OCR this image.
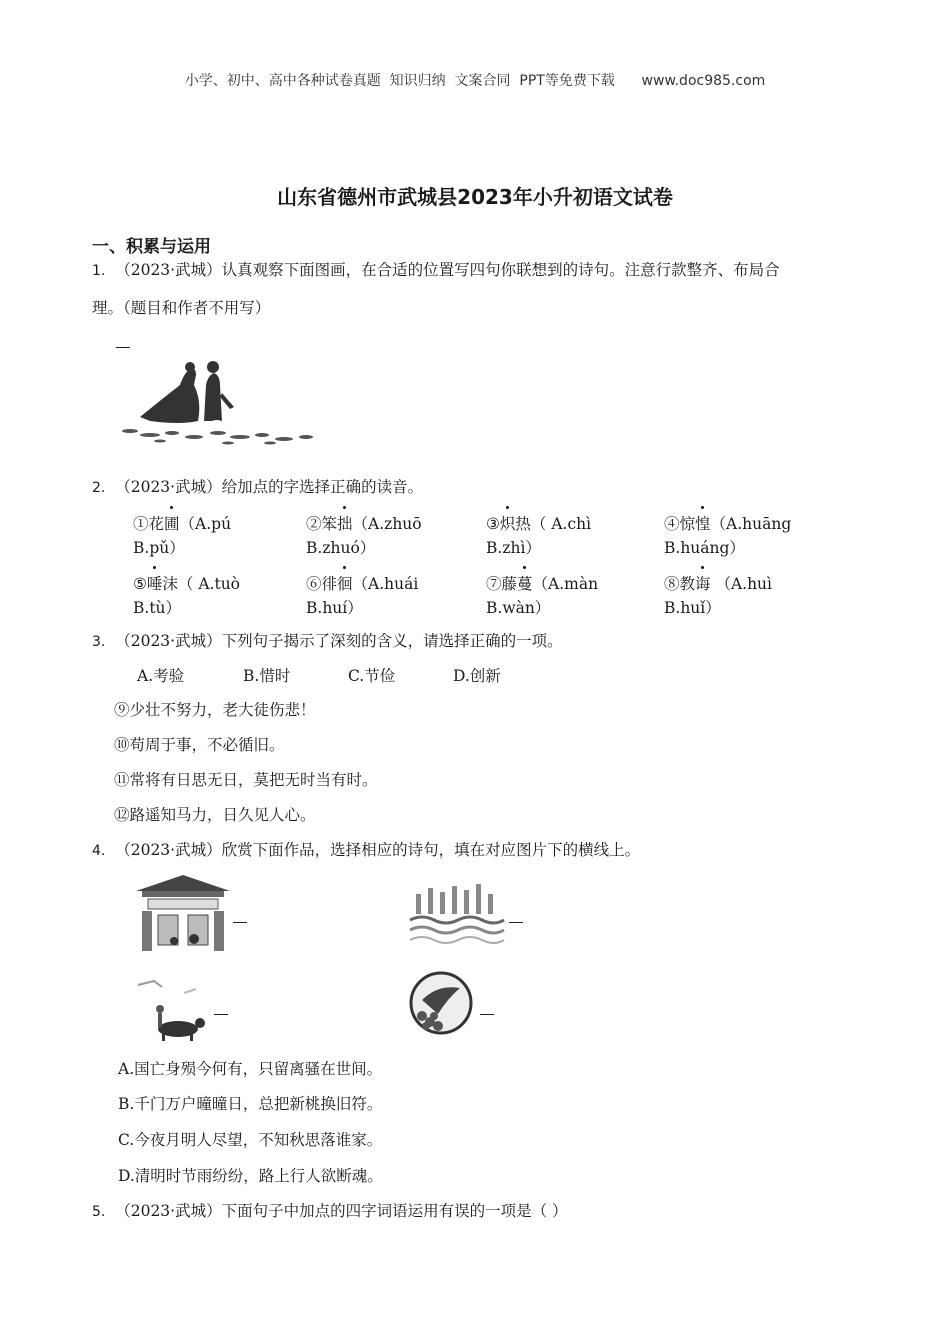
小学、初中、高中各种试卷真题  知识归纳  文案合同  PPT等免费下载      www.doc985.com
山东省德州市武城县2023年小升初语文试卷
一、积累与运用
1. （2023·武城）认真观察下面图画，在合适的位置写四句你联想到的诗句。注意行款整齐、布局合
理。（题目和作者不用写）
2. （2023·武城）给加点的字选择正确的读音。
①花圃（A.pú
B.pǔ）
②笨拙（A.zhuō
B.zhuó）
③炽热（ A.chì
B.zhì）
④惊惶（A.huāng
B.huáng）
⑤唾沫（ A.tuò
B.tù）
⑥徘徊（A.huái
B.huí）
⑦藤蔓（A.màn
B.wàn）
⑧教诲 （A.huì
B.huǐ）
3. （2023·武城）下列句子揭示了深刻的含义，请选择正确的一项。
A.考验	B.惜时	C.节俭	D.创新
⑨少壮不努力，老大徒伤悲！
⑩苟周于事，不必循旧。
⑪常将有日思无日，莫把无时当有时。
⑫路遥知马力，日久见人心。
4. （2023·武城）欣赏下面作品，选择相应的诗句，填在对应图片下的横线上。
A.国亡身殒今何有，只留离骚在世间。
B.千门万户曈曈日，总把新桃换旧符。
C.今夜月明人尽望，不知秋思落谁家。
D.清明时节雨纷纷，路上行人欲断魂。
5. （2023·武城）下面句子中加点的四字词语运用有误的一项是（ ）
